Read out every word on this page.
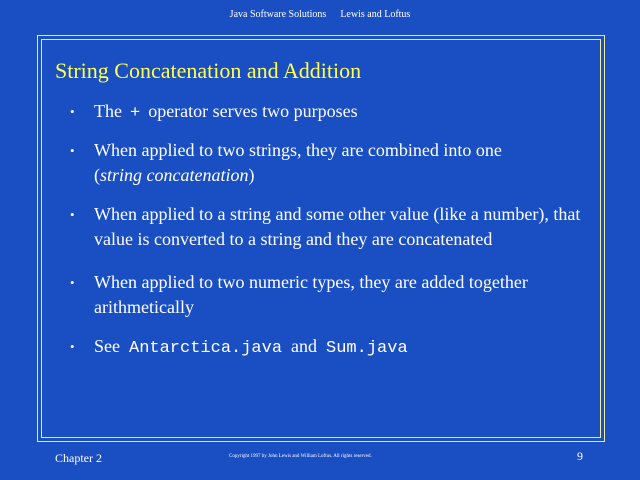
Java Software Solutions Lewis and Loftus
String Concatenation and Addition
• The + operator serves two purposes
• When applied to two strings, they are combined into one
(string concatenation)
• When applied to a string and some other value (like a number), that value is converted to a string and they are concatenated
• When applied to two numeric types, they are added together arithmetically
• See Antarctica.java and Sum.java
Chapter 2	Copyright 1997 by John Lewis and William Loftus. All rights reserved.	9
